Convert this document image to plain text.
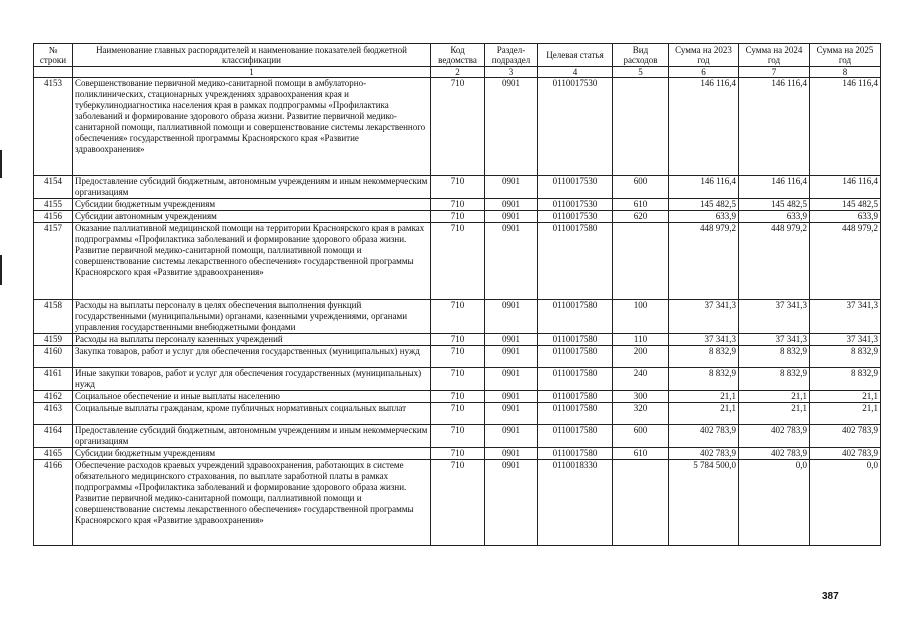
№ строки	Наименование главных распорядителей и наименование показателей бюджетной классификации	Код ведомства	Раздел-подраздел	Целевая статья	Вид расходов	Сумма на 2023 год	Сумма на 2024 год	Сумма на 2025 год
	1	2	3	4	5	6	7	8
4153	Совершенствование первичной медико-санитарной помощи в амбулаторно-поликлинических, стационарных учреждениях здравоохранения края и туберкулинодиагностика населения края в рамках подпрограммы «Профилактика заболеваний и формирование здорового образа жизни. Развитие первичной медико-санитарной помощи, паллиативной помощи и совершенствование системы лекарственного обеспечения» государственной программы Красноярского края «Развитие здравоохранения»	710	0901	0110017530		146 116,4	146 116,4	146 116,4
4154	Предоставление субсидий бюджетным, автономным учреждениям и иным некоммерческим организациям	710	0901	0110017530	600	146 116,4	146 116,4	146 116,4
4155	Субсидии бюджетным учреждениям	710	0901	0110017530	610	145 482,5	145 482,5	145 482,5
4156	Субсидии автономным учреждениям	710	0901	0110017530	620	633,9	633,9	633,9
4157	Оказание паллиативной медицинской помощи на территории Красноярского края в рамках подпрограммы «Профилактика заболеваний и формирование здорового образа жизни. Развитие первичной медико-санитарной помощи, паллиативной помощи и совершенствование системы лекарственного обеспечения» государственной программы Красноярского края «Развитие здравоохранения»	710	0901	0110017580		448 979,2	448 979,2	448 979,2
4158	Расходы на выплаты персоналу в целях обеспечения выполнения функций государственными (муниципальными) органами, казенными учреждениями, органами управления государственными внебюджетными фондами	710	0901	0110017580	100	37 341,3	37 341,3	37 341,3
4159	Расходы на выплаты персоналу казенных учреждений	710	0901	0110017580	110	37 341,3	37 341,3	37 341,3
4160	Закупка товаров, работ и услуг для обеспечения государственных (муниципальных) нужд	710	0901	0110017580	200	8 832,9	8 832,9	8 832,9
4161	Иные закупки товаров, работ и услуг для обеспечения государственных (муниципальных) нужд	710	0901	0110017580	240	8 832,9	8 832,9	8 832,9
4162	Социальное обеспечение и иные выплаты населению	710	0901	0110017580	300	21,1	21,1	21,1
4163	Социальные выплаты гражданам, кроме публичных нормативных социальных выплат	710	0901	0110017580	320	21,1	21,1	21,1
4164	Предоставление субсидий бюджетным, автономным учреждениям и иным некоммерческим организациям	710	0901	0110017580	600	402 783,9	402 783,9	402 783,9
4165	Субсидии бюджетным учреждениям	710	0901	0110017580	610	402 783,9	402 783,9	402 783,9
4166	Обеспечение расходов краевых учреждений здравоохранения, работающих в системе обязательного медицинского страхования, по выплате заработной платы в рамках подпрограммы «Профилактика заболеваний и формирование здорового образа жизни. Развитие первичной медико-санитарной помощи, паллиативной помощи и совершенствование системы лекарственного обеспечения» государственной программы Красноярского края «Развитие здравоохранения»	710	0901	0110018330		5 784 500,0	0,0	0,0
387
